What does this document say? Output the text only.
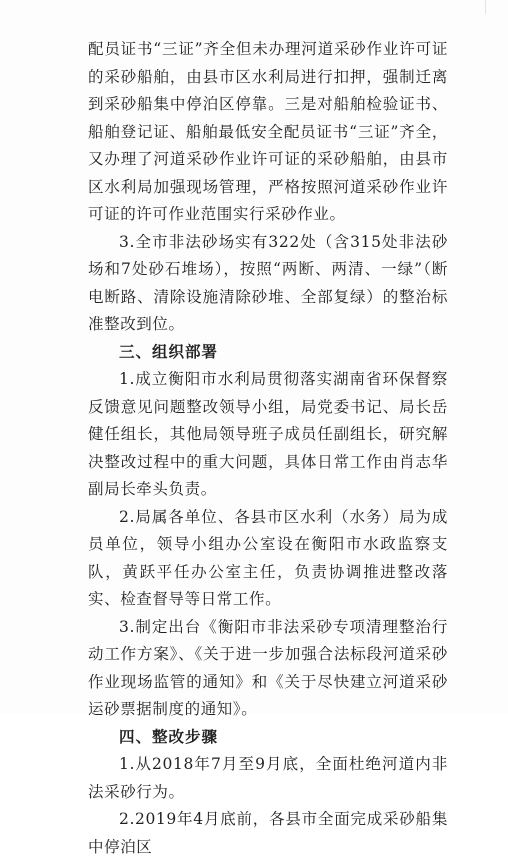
配员证书“三证”齐全但未办理河道采砂作业许可证的采砂船舶，由县市区水利局进行扣押，强制迁离到采砂船集中停泊区停靠。三是对船舶检验证书、船舶登记证、船舶最低安全配员证书“三证”齐全，又办理了河道采砂作业许可证的采砂船舶，由县市区水利局加强现场管理，严格按照河道采砂作业许可证的许可作业范围实行采砂作业。

3.全市非法砂场实有322处（含315处非法砂场和7处砂石堆场），按照“两断、两清、一绿”（断电断路、清除设施清除砂堆、全部复绿）的整治标准整改到位。

三、组织部署

1.成立衡阳市水利局贯彻落实湖南省环保督察反馈意见问题整改领导小组，局党委书记、局长岳健任组长，其他局领导班子成员任副组长，研究解决整改过程中的重大问题，具体日常工作由肖志华副局长牵头负责。

2.局属各单位、各县市区水利（水务）局为成员单位，领导小组办公室设在衡阳市水政监察支队，黄跃平任办公室主任，负责协调推进整改落实、检查督导等日常工作。

3.制定出台《衡阳市非法采砂专项清理整治行动工作方案》、《关于进一步加强合法标段河道采砂作业现场监管的通知》和《关于尽快建立河道采砂运砂票据制度的通知》。

四、整改步骤

1.从2018年7月至9月底，全面杜绝河道内非法采砂行为。

2.2019年4月底前，各县市全面完成采砂船集中停泊区
